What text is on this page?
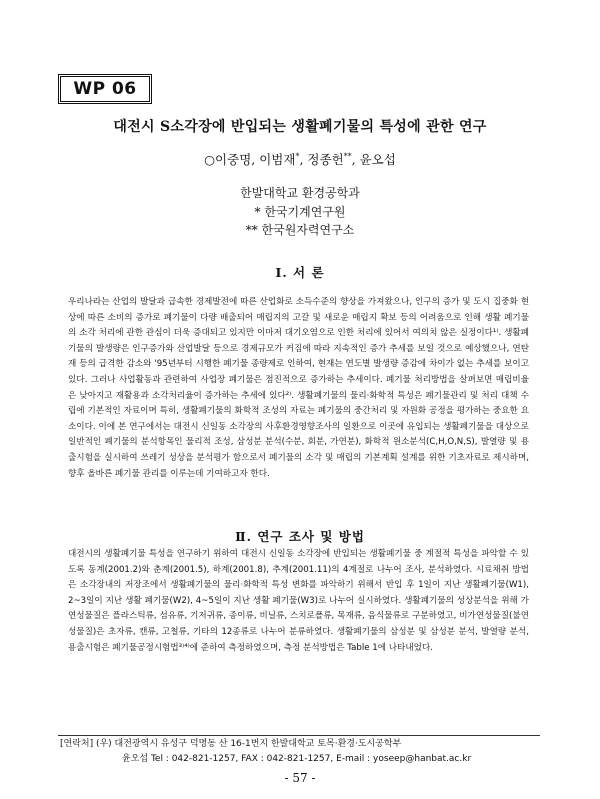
WP 06
대전시 S소각장에 반입되는 생활폐기물의 특성에 관한 연구
○이중명, 이범재*, 정종헌**, 윤오섭
한발대학교 환경공학과
* 한국기계연구원
** 한국원자력연구소
Ⅰ. 서 론
우리나라는 산업의 발달과 급속한 경제발전에 따른 산업화로 소득수준의 향상을 가져왔으나, 인구의 증가 및 도시 집중화 현상에 따른 소비의 증가로 폐기물이 다량 배출되어 매립지의 고갈 및 새로운 매립지 확보 등의 어려움으로 인해 생활 폐기물의 소각 처리에 관한 관심이 더욱 증대되고 있지만 이마저 대기오염으로 인한 처리에 있어서 여의치 않은 실정이다¹⁾. 생활폐기물의 발생량은 인구증가와 산업발달 등으로 경제규모가 커짐에 따라 지속적인 증가 추세를 보일 것으로 예상했으나, 연탄재 등의 급격한 감소와 '95년부터 시행한 폐기물 종량제로 인하여, 현재는 연도별 발생량 증감에 차이가 없는 추세를 보이고 있다. 그러나 사업활동과 관련하여 사업장 폐기물은 점진적으로 증가하는 추세이다. 폐기물 처리방법을 살펴보면 매립비율은 낮아지고 재활용과 소각처리율이 증가하는 추세에 있다²⁾. 생활폐기물의 물리·화학적 특성은 폐기물관리 및 처리 대책 수립에 기본적인 자료이며 특히, 생활폐기물의 화학적 조성의 자료는 폐기물의 중간처리 및 자원화 공정을 평가하는 중요한 요소이다. 이에 본 연구에서는 대전시 신일동 소각장의 사후환경영향조사의 일환으로 이곳에 유입되는 생활폐기물을 대상으로 일반적인 폐기물의 분석항목인 물리적 조성, 삼성분 분석(수분, 회분, 가연분), 화학적 원소분석(C,H,O,N,S), 발열량 및 용출시험을 실시하여 쓰레기 성상을 분석평가 함으로서 폐기물의 소각 및 매립의 기본계획 설계를 위한 기초자료로 제시하며, 향후 올바른 폐기물 관리를 이루는데 기여하고자 한다.
Ⅱ. 연구 조사 및 방법
대전시의 생활폐기물 특성을 연구하기 위하여 대전시 신일동 소각장에 반입되는 생활폐기물 중 계절적 특성을 파악할 수 있도록 동계(2001.2)와 춘계(2001.5), 하계(2001.8), 추계(2001.11)의 4계절로 나누어 조사, 분석하였다. 시료채취 방법은 소각장내의 저장조에서 생활폐기물의 물리·화학적 특성 변화를 파악하기 위해서 반입 후 1일이 지난 생활폐기물(W1), 2~3일이 지난 생활 폐기물(W2), 4~5일이 지난 생활 폐기물(W3)로 나누어 실시하였다. 생활폐기물의 성상분석을 위해 가연성물질은 플라스틱류, 섬유류, 기저귀류, 종이류, 비닐류, 스치로폴류, 목재류, 음식물류로 구분하였고, 비가연성물질(불연성물질)은 초자류, 캔류, 고철류, 기타의 12종류로 나누어 분류하였다. 생활폐기물의 삼성분 및 삼성분 분석, 발열량 분석, 용출시험은 폐기물공정시험법³⁾⁴⁾에 준하여 측정하였으며, 측정 분석방법은 Table 1에 나타내었다.
[연락처] (우) 대전광역시 유성구 덕명동 산 16-1번지 한발대학교 토목·환경·도시공학부
윤오섭 Tel : 042-821-1257, FAX : 042-821-1257, E-mail : yoseep@hanbat.ac.kr
- 57 -
